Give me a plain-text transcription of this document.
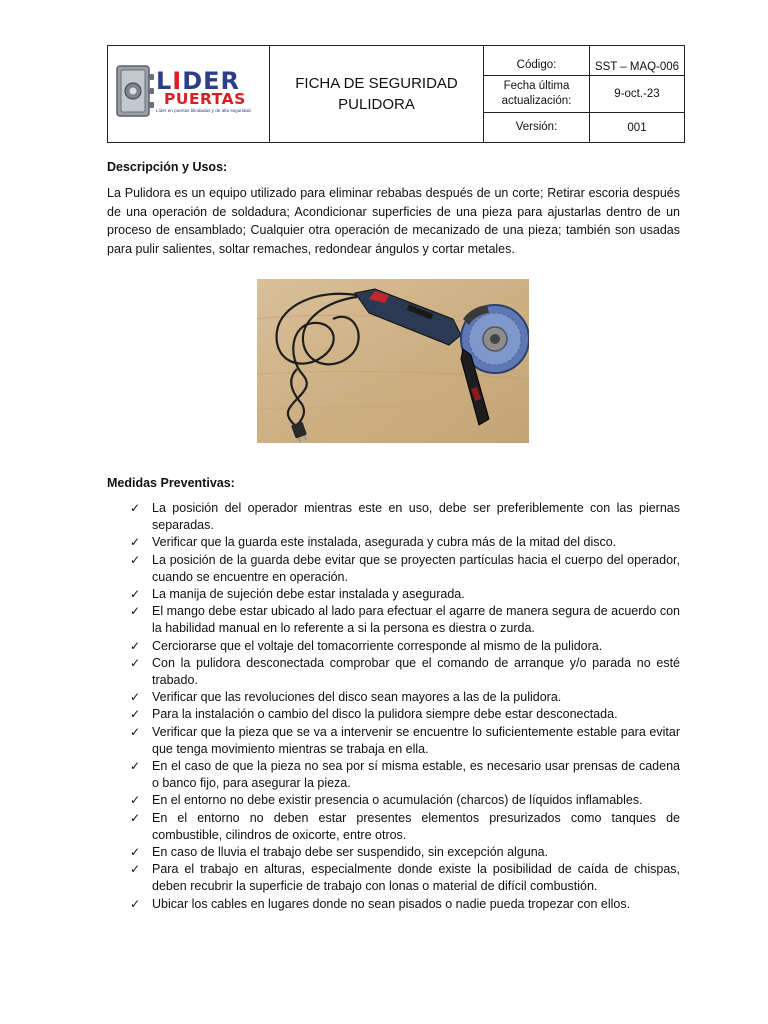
LIDER
PUERTAS
Líder en puertas blindadas y de alta seguridad.
FICHA DE SEGURIDAD
PULIDORA
Código:	SST – MAQ-006
Fecha última actualización:
9-oct.-23
Versión:	001
Descripción y Usos:
La Pulidora es un equipo utilizado para eliminar rebabas después de un corte; Retirar escoria después de una operación de soldadura; Acondicionar superficies de una pieza para ajustarlas dentro de un proceso de ensamblado; Cualquier otra operación de mecanizado de una pieza; también son usadas para pulir salientes, soltar remaches, redondear ángulos y cortar metales.
Medidas Preventivas:
✓ La posición del operador mientras este en uso, debe ser preferiblemente con las piernas separadas.
✓ Verificar que la guarda este instalada, asegurada y cubra más de la mitad del disco.
✓ La posición de la guarda debe evitar que se proyecten partículas hacia el cuerpo del operador, cuando se encuentre en operación.
✓ La manija de sujeción debe estar instalada y asegurada.
✓ El mango debe estar ubicado al lado para efectuar el agarre de manera segura de acuerdo con la habilidad manual en lo referente a si la persona es diestra o zurda.
✓ Cerciorarse que el voltaje del tomacorriente corresponde al mismo de la pulidora.
✓ Con la pulidora desconectada comprobar que el comando de arranque y/o parada no esté trabado.
✓ Verificar que las revoluciones del disco sean mayores a las de la pulidora.
✓ Para la instalación o cambio del disco la pulidora siempre debe estar desconectada.
✓ Verificar que la pieza que se va a intervenir se encuentre lo suficientemente estable para evitar que tenga movimiento mientras se trabaja en ella.
✓ En el caso de que la pieza no sea por sí misma estable, es necesario usar prensas de cadena o banco fijo, para asegurar la pieza.
✓ En el entorno no debe existir presencia o acumulación (charcos) de líquidos inflamables.
✓ En el entorno no deben estar presentes elementos presurizados como tanques de combustible, cilindros de oxicorte, entre otros.
✓ En caso de lluvia el trabajo debe ser suspendido, sin excepción alguna.
✓ Para el trabajo en alturas, especialmente donde existe la posibilidad de caída de chispas, deben recubrir la superficie de trabajo con lonas o material de difícil combustión.
✓ Ubicar los cables en lugares donde no sean pisados o nadie pueda tropezar con ellos.
